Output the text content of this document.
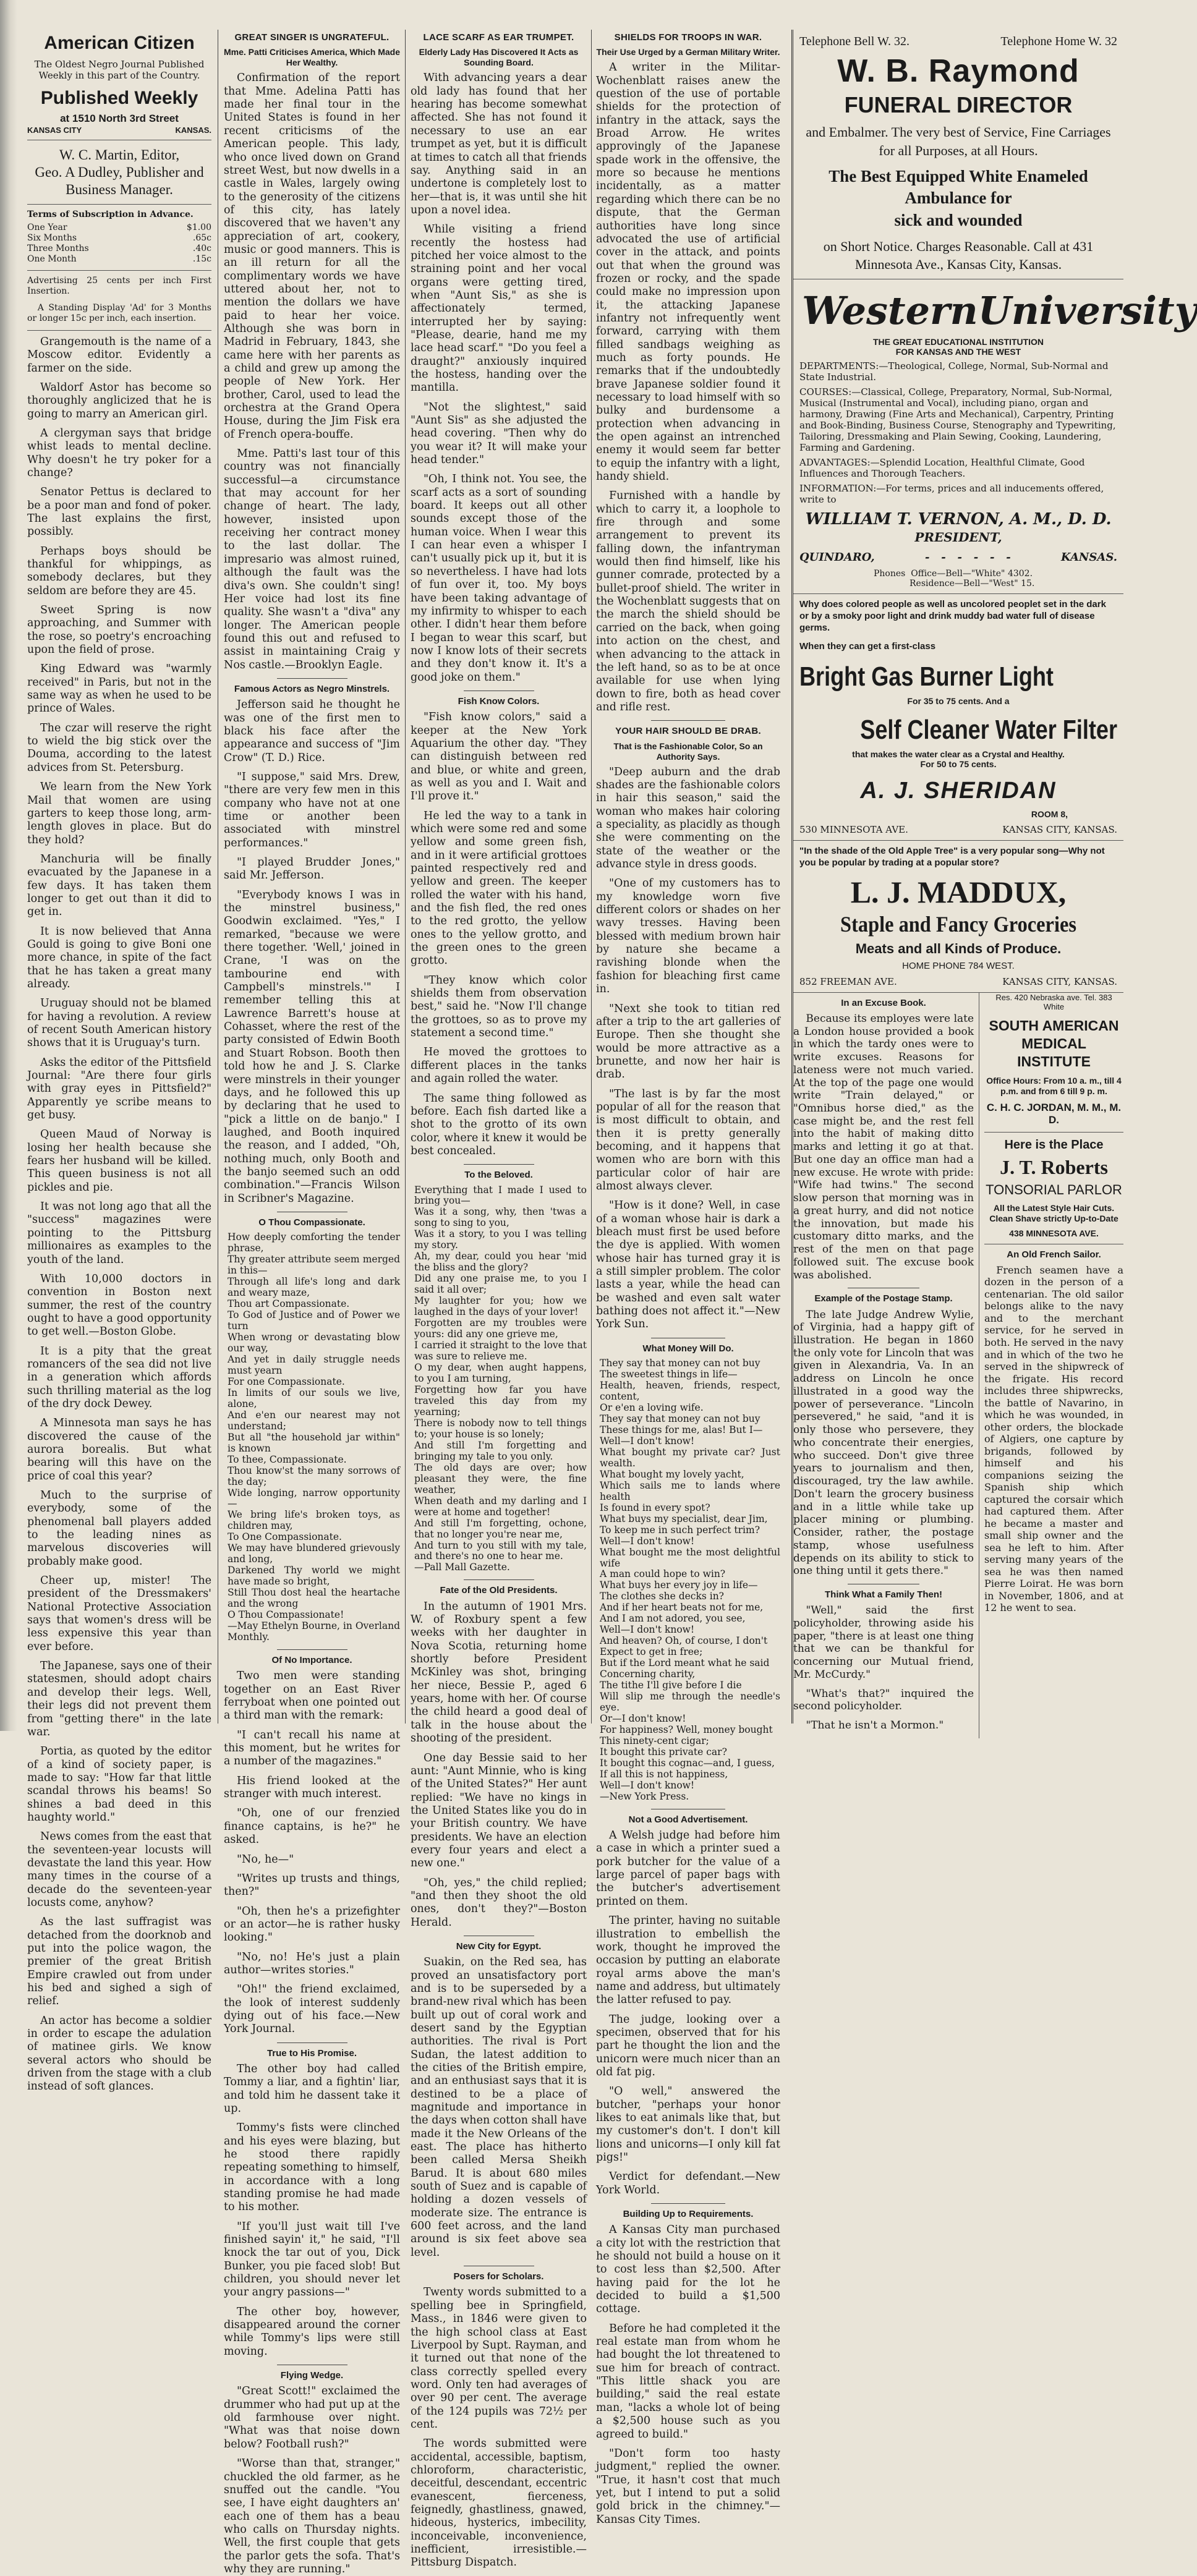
American Citizen

The Oldest Negro Journal Published

Weekly in this part of the Country.

Published Weekly
at 1510 North 3rd Street
KANSAS CITY	KANSAS.
W. C. Martin, Editor,
Geo. A Dudley, Publisher and
Business Manager.

Terms of Subscription in Advance.

One Year	$1.00
Six Months	.65c
Three Months	.40c
One Month	.15c

Advertising 25 cents per inch First Insertion.

A Standing Display 'Ad' for 3 Months or longer 15c per inch, each insertion.

Grangemouth is the name of a Moscow editor. Evidently a farmer on the side.

Waldorf Astor has become so thoroughly anglicized that he is going to marry an American girl.

A clergyman says that bridge whist leads to mental decline. Why doesn't he try poker for a change?

Senator Pettus is declared to be a poor man and fond of poker. The last explains the first, possibly.

Perhaps boys should be thankful for whippings, as somebody declares, but they seldom are before they are 45.

Sweet Spring is now approaching, and Summer with the rose, so poetry's encroaching upon the field of prose.

King Edward was "warmly received" in Paris, but not in the same way as when he used to be prince of Wales.

The czar will reserve the right to wield the big stick over the Douma, according to the latest advices from St. Petersburg.

We learn from the New York Mail that women are using garters to keep those long, arm-length gloves in place. But do they hold?

Manchuria will be finally evacuated by the Japanese in a few days. It has taken them longer to get out than it did to get in.

It is now believed that Anna Gould is going to give Boni one more chance, in spite of the fact that he has taken a great many already.

Uruguay should not be blamed for having a revolution. A review of recent South American history shows that it is Uruguay's turn.

Asks the editor of the Pittsfield Journal: "Are there four girls with gray eyes in Pittsfield?" Apparently ye scribe means to get busy.

Queen Maud of Norway is losing her health because she fears her husband will be killed. This queen business is not all pickles and pie.

It was not long ago that all the "success" magazines were pointing to the Pittsburg millionaires as examples to the youth of the land.

With 10,000 doctors in convention in Boston next summer, the rest of the country ought to have a good opportunity to get well.—Boston Globe.

It is a pity that the great romancers of the sea did not live in a generation which affords such thrilling material as the log of the dry dock Dewey.

A Minnesota man says he has discovered the cause of the aurora borealis. But what bearing will this have on the price of coal this year?

Much to the surprise of everybody, some of the phenomenal ball players added to the leading nines as marvelous discoveries will probably make good.

Cheer up, mister! The president of the Dressmakers' National Protective Association says that women's dress will be less expensive this year than ever before.

The Japanese, says one of their statesmen, should adopt chairs and develop their legs. Well, their legs did not prevent them from "getting there" in the late war.

Portia, as quoted by the editor of a kind of society paper, is made to say: "How far that little scandal throws his beams! So shines a bad deed in this haughty world."

News comes from the east that the seventeen-year locusts will devastate the land this year. How many times in the course of a decade do the seventeen-year locusts come, anyhow?

As the last suffragist was detached from the doorknob and put into the police wagon, the premier of the great British Empire crawled out from under his bed and sighed a sigh of relief.

An actor has become a soldier in order to escape the adulation of matinee girls. We know several actors who should be driven from the stage with a club instead of soft glances.

GREAT SINGER IS UNGRATEFUL.
Mme. Patti Criticises America, Which Made Her Wealthy.

Confirmation of the report that Mme. Adelina Patti has made her final tour in the United States is found in her recent criticisms of the American people. This lady, who once lived down on Grand street West, but now dwells in a castle in Wales, largely owing to the generosity of the citizens of this city, has lately discovered that we haven't any appreciation of art, cookery, music or good manners. This is an ill return for all the complimentary words we have uttered about her, not to mention the dollars we have paid to hear her voice. Although she was born in Madrid in February, 1843, she came here with her parents as a child and grew up among the people of New York. Her brother, Carol, used to lead the orchestra at the Grand Opera House, during the Jim Fisk era of French opera-bouffe.

Mme. Patti's last tour of this country was not financially successful—a circumstance that may account for her change of heart. The lady, however, insisted upon receiving her contract money to the last dollar. The impresario was almost ruined, although the fault was the diva's own. She couldn't sing! Her voice had lost its fine quality. She wasn't a "diva" any longer. The American people found this out and refused to assist in maintaining Craig y Nos castle.—Brooklyn Eagle.

Famous Actors as Negro Minstrels.

Jefferson said he thought he was one of the first men to black his face after the appearance and success of "Jim Crow" (T. D.) Rice.

"I suppose," said Mrs. Drew, "there are very few men in this company who have not at one time or another been associated with minstrel performances."

"I played Brudder Jones," said Mr. Jefferson.

"Everybody knows I was in the minstrel business," Goodwin exclaimed. "Yes," I remarked, "because we were there together. 'Well,' joined in Crane, 'I was on the tambourine end with Campbell's minstrels.'" I remember telling this at Lawrence Barrett's house at Cohasset, where the rest of the party consisted of Edwin Booth and Stuart Robson. Booth then told how he and J. S. Clarke were minstrels in their younger days, and he followed this up by declaring that he used to "pick a little on de banjo." I laughed, and Booth inquired the reason, and I added, "Oh, nothing much, only Booth and the banjo seemed such an odd combination."—Francis Wilson in Scribner's Magazine.

O Thou Compassionate.

How deeply comforting the tender phrase,
Thy greater attribute seem merged in this—
Through all life's long and dark and weary maze,
Thou art Compassionate.
To God of Justice and of Power we turn
When wrong or devastating blow our way,
And yet in daily struggle needs must yearn
For one Compassionate.
In limits of our souls we live, alone,
And e'en our nearest may not understand;
But all "the household jar within" is known
To thee, Compassionate.
Thou know'st the many sorrows of the day;
Wide longing, narrow opportunity—
We bring life's broken toys, as children may,
To One Compassionate.
We may have blundered grievously and long,
Darkened Thy world we might have made so bright,
Still Thou dost heal the heartache and the wrong
O Thou Compassionate!
—May Ethelyn Bourne, in Overland Monthly.

Of No Importance.

Two men were standing together on an East River ferryboat when one pointed out a third man with the remark:

"I can't recall his name at this moment, but he writes for a number of the magazines."

His friend looked at the stranger with much interest.

"Oh, one of our frenzied finance captains, is he?" he asked.

"No, he—"

"Writes up trusts and things, then?"

"Oh, then he's a prizefighter or an actor—he is rather husky looking."

"No, no! He's just a plain author—writes stories."

"Oh!" the friend exclaimed, the look of interest suddenly dying out of his face.—New York Journal.

True to His Promise.

The other boy had called Tommy a liar, and a fightin' liar, and told him he dassent take it up.

Tommy's fists were clinched and his eyes were blazing, but he stood there rapidly repeating something to himself, in accordance with a long standing promise he had made to his mother.

"If you'll just wait till I've finished sayin' it," he said, "I'll knock the tar out of you, Dick Bunker, you pie faced slob! But children, you should never let your angry passions—"

The other boy, however, disappeared around the corner while Tommy's lips were still moving.

Flying Wedge.

"Great Scott!" exclaimed the drummer who had put up at the old farmhouse over night. "What was that noise down below? Football rush?"

"Worse than that, stranger," chuckled the old farmer, as he snuffed out the candle. "You see, I have eight daughters an' each one of them has a beau who calls on Thursday nights. Well, the first couple that gets the parlor gets the sofa. That's why they are running."

LACE SCARF AS EAR TRUMPET.
Elderly Lady Has Discovered It Acts as Sounding Board.

With advancing years a dear old lady has found that her hearing has become somewhat affected. She has not found it necessary to use an ear trumpet as yet, but it is difficult at times to catch all that friends say. Anything said in an undertone is completely lost to her—that is, it was until she hit upon a novel idea.

While visiting a friend recently the hostess had pitched her voice almost to the straining point and her vocal organs were getting tired, when "Aunt Sis," as she is affectionately termed, interrupted her by saying: "Please, dearie, hand me my lace head scarf." "Do you feel a draught?" anxiously inquired the hostess, handing over the mantilla.

"Not the slightest," said "Aunt Sis" as she adjusted the head covering. "Then why do you wear it? It will make your head tender."

"Oh, I think not. You see, the scarf acts as a sort of sounding board. It keeps out all other sounds except those of the human voice. When I wear this I can hear even a whisper I can't usually pick up it, but it is so nevertheless. I have had lots of fun over it, too. My boys have been taking advantage of my infirmity to whisper to each other. I didn't hear them before I began to wear this scarf, but now I know lots of their secrets and they don't know it. It's a good joke on them."

Fish Know Colors.

"Fish know colors," said a keeper at the New York Aquarium the other day. "They can distinguish between red and blue, or white and green, as well as you and I. Wait and I'll prove it."

He led the way to a tank in which were some red and some yellow and some green fish, and in it were artificial grottoes painted respectively red and yellow and green. The keeper rolled the water with his hand, and the fish fled, the red ones to the red grotto, the yellow ones to the yellow grotto, and the green ones to the green grotto.

"They know which color shields them from observation best," said he. "Now I'll change the grottoes, so as to prove my statement a second time."

He moved the grottoes to different places in the tanks and again rolled the water.

The same thing followed as before. Each fish darted like a shot to the grotto of its own color, where it knew it would be best concealed.

To the Beloved.

Everything that I made I used to bring you—
Was it a song, why, then 'twas a song to sing to you,
Was it a story, to you I was telling my story.
Ah, my dear, could you hear 'mid the bliss and the glory?
Did any one praise me, to you I said it all over;
My laughter for you; how we laughed in the days of your lover!
Forgotten are my troubles were yours: did any one grieve me,
I carried it straight to the love that was sure to relieve me.
O my dear, when aught happens, to you I am turning,
Forgetting how far you have traveled this day from my yearning;
There is nobody now to tell things to; your house is so lonely;
And still I'm forgetting and bringing my tale to you only.
The old days are over; how pleasant they were, the fine weather,
When death and my darling and I were at home and together!
And still I'm forgetting, ochone, that no longer you're near me,
And turn to you still with my tale, and there's no one to hear me.
—Pall Mall Gazette.

Fate of the Old Presidents.

In the autumn of 1901 Mrs. W. of Roxbury spent a few weeks with her daughter in Nova Scotia, returning home shortly before President McKinley was shot, bringing her niece, Bessie P., aged 6 years, home with her. Of course the child heard a good deal of talk in the house about the shooting of the president.

One day Bessie said to her aunt: "Aunt Minnie, who is king of the United States?" Her aunt replied: "We have no kings in the United States like you do in your British country. We have presidents. We have an election every four years and elect a new one."

"Oh, yes," the child replied; "and then they shoot the old ones, don't they?"—Boston Herald.

New City for Egypt.

Suakin, on the Red sea, has proved an unsatisfactory port and is to be superseded by a brand-new rival which has been built up out of coral work and desert sand by the Egyptian authorities. The rival is Port Sudan, the latest addition to the cities of the British empire, and an enthusiast says that it is destined to be a place of magnitude and importance in the days when cotton shall have made it the New Orleans of the east. The place has hitherto been called Mersa Sheikh Barud. It is about 680 miles south of Suez and is capable of holding a dozen vessels of moderate size. The entrance is 600 feet across, and the land around is six feet above sea level.

Posers for Scholars.

Twenty words submitted to a spelling bee in Springfield, Mass., in 1846 were given to the high school class at East Liverpool by Supt. Rayman, and it turned out that none of the class correctly spelled every word. Only ten had averages of over 90 per cent. The average of the 124 pupils was 72½ per cent.

The words submitted were accidental, accessible, baptism, chloroform, characteristic, deceitful, descendant, eccentric evanescent, fierceness, feignedly, ghastliness, gnawed, hideous, hysterics, imbecility, inconceivable, inconvenience, inefficient, irresistible.—Pittsburg Dispatch.

SHIELDS FOR TROOPS IN WAR.
Their Use Urged by a German Military Writer.

A writer in the Militar-Wochenblatt raises anew the question of the use of portable shields for the protection of infantry in the attack, says the Broad Arrow. He writes approvingly of the Japanese spade work in the offensive, the more so because he mentions incidentally, as a matter regarding which there can be no dispute, that the German authorities have long since advocated the use of artificial cover in the attack, and points out that when the ground was frozen or rocky, and the spade could make no impression upon it, the attacking Japanese infantry not infrequently went forward, carrying with them filled sandbags weighing as much as forty pounds. He remarks that if the undoubtedly brave Japanese soldier found it necessary to load himself with so bulky and burdensome a protection when advancing in the open against an intrenched enemy it would seem far better to equip the infantry with a light, handy shield.

Furnished with a handle by which to carry it, a loophole to fire through and some arrangement to prevent its falling down, the infantryman would then find himself, like his gunner comrade, protected by a bullet-proof shield. The writer in the Wochenblatt suggests that on the march the shield should be carried on the back, when going into action on the chest, and when advancing to the attack in the left hand, so as to be at once available for use when lying down to fire, both as head cover and rifle rest.

YOUR HAIR SHOULD BE DRAB.
That is the Fashionable Color, So an Authority Says.

"Deep auburn and the drab shades are the fashionable colors in hair this season," said the woman who makes hair coloring a speciality, as placidly as though she were commenting on the state of the weather or the advance style in dress goods.

"One of my customers has to my knowledge worn five different colors or shades on her wavy tresses. Having been blessed with medium brown hair by nature she became a ravishing blonde when the fashion for bleaching first came in.

"Next she took to titian red after a trip to the art galleries of Europe. Then she thought she would be more attractive as a brunette, and now her hair is drab.

"The last is by far the most popular of all for the reason that is most difficult to obtain, and then it is pretty generally becoming, and it happens that women who are born with this particular color of hair are almost always clever.

"How is it done? Well, in case of a woman whose hair is dark a bleach must first be used before the dye is applied. With women whose hair has turned gray it is a still simpler problem. The color lasts a year, while the head can be washed and even salt water bathing does not affect it."—New York Sun.

What Money Will Do.

They say that money can not buy
The sweetest things in life—
Health, heaven, friends, respect, content,
Or e'en a loving wife.
They say that money can not buy
These things for me, alas! But I—
Well—I don't know!
What bought my private car? Just wealth.
What bought my lovely yacht,
Which sails me to lands where health
Is found in every spot?
What buys my specialist, dear Jim,
To keep me in such perfect trim?
Well—I don't know!
What bought me the most delightful wife
A man could hope to win?
What buys her every joy in life—
The clothes she decks in?
And if her heart beats not for me,
And I am not adored, you see,
Well—I don't know!
And heaven? Oh, of course, I don't
Expect to get in free;
But if the Lord meant what he said
Concerning charity,
The tithe I'll give before I die
Will slip me through the needle's eye.
Or—I don't know!
For happiness? Well, money bought
This ninety-cent cigar;
It bought this private car?
It bought this cognac—and, I guess,
If all this is not happiness,
Well—I don't know!
—New York Press.

Not a Good Advertisement.

A Welsh judge had before him a case in which a printer sued a pork butcher for the value of a large parcel of paper bags with the butcher's advertisement printed on them.

The printer, having no suitable illustration to embellish the work, thought he improved the occasion by putting an elaborate royal arms above the man's name and address, but ultimately the latter refused to pay.

The judge, looking over a specimen, observed that for his part he thought the lion and the unicorn were much nicer than an old fat pig.

"O well," answered the butcher, "perhaps your honor likes to eat animals like that, but my customer's don't. I don't kill lions and unicorns—I only kill fat pigs!"

Verdict for defendant.—New York World.

Building Up to Requirements.

A Kansas City man purchased a city lot with the restriction that he should not build a house on it to cost less than $2,500. After having paid for the lot he decided to build a $1,500 cottage.

Before he had completed it the real estate man from whom he had bought the lot threatened to sue him for breach of contract. "This little shack you are building," said the real estate man, "lacks a whole lot of being a $2,500 house such as you agreed to build."

"Don't form too hasty judgment," replied the owner. "True, it hasn't cost that much yet, but I intend to put a solid gold brick in the chimney."—Kansas City Times.

Telephone Bell W. 32.	Telephone Home W. 32
W. B. Raymond
FUNERAL DIRECTOR
and Embalmer. The very best of Service, Fine Carriages
for all Purposes, at all Hours.
The Best Equipped White Enameled Ambulance for
sick and wounded
on Short Notice. Charges Reasonable. Call at 431 Minnesota Ave., Kansas City, Kansas.
Western University
THE GREAT EDUCATIONAL INSTITUTION
FOR KANSAS AND THE WEST

DEPARTMENTS:—Theological, College, Normal, Sub-Normal and State Industrial.

COURSES:—Classical, College, Preparatory, Normal, Sub-Normal, Musical (Instrumental and Vocal), including piano, organ and harmony, Drawing (Fine Arts and Mechanical), Carpentry, Printing and Book-Binding, Business Course, Stenography and Typewriting, Tailoring, Dressmaking and Plain Sewing, Cooking, Laundering, Farming and Gardening.

ADVANTAGES:—Splendid Location, Healthful Climate, Good Influences and Thorough Teachers.

INFORMATION:—For terms, prices and all inducements offered, write to

WILLIAM T. VERNON, A. M., D. D.
PRESIDENT,
QUINDARO,	-   -   -   -   -   -	KANSAS.
Phones Office—Bell—"White" 4302.
Residence—Bell—"West" 15.
Why does colored people as well as uncolored peoplet set in the dark or by a smoky poor light and drink muddy bad water full of disease germs.
When they can get a first-class
Bright Gas Burner Light
For 35 to 75 cents. And a
Self Cleaner Water Filter
that makes the water clear as a Crystal and Healthy.
For 50 to 75 cents.
A. J. SHERIDAN
ROOM 8,
530 MINNESOTA AVE.	KANSAS CITY, KANSAS.
"In the shade of the Old Apple Tree" is a very popular song—Why not you be popular by trading at a popular store?
L. J. MADDUX,
Staple and Fancy Groceries
Meats and all Kinds of Produce.
HOME PHONE 784 WEST.
852 FREEMAN AVE.	KANSAS CITY, KANSAS.
In an Excuse Book.

Because its employes were late a London house provided a book in which the tardy ones were to write excuses. Reasons for lateness were not much varied. At the top of the page one would write "Train delayed," or "Omnibus horse died," as the case might be, and the rest fell into the habit of making ditto marks and letting it go at that. But one day an office man had a new excuse. He wrote with pride: "Wife had twins." The second slow person that morning was in a great hurry, and did not notice the innovation, but made his customary ditto marks, and the rest of the men on that page followed suit. The excuse book was abolished.

Example of the Postage Stamp.

The late Judge Andrew Wylie, of Virginia, had a happy gift of illustration. He began in 1860 the only vote for Lincoln that was given in Alexandria, Va. In an address on Lincoln he once illustrated in a good way the power of perseverance. "Lincoln persevered," he said, "and it is only those who persevere, they who concentrate their energies, who succeed. Don't give three years to journalism and then, discouraged, try the law awhile. Don't learn the grocery business and in a little while take up placer mining or plumbing. Consider, rather, the postage stamp, whose usefulness depends on its ability to stick to one thing until it gets there."

Think What a Family Then!

"Well," said the first policyholder, throwing aside his paper, "there is at least one thing that we can be thankful for concerning our Mutual friend, Mr. McCurdy."

"What's that?" inquired the second policyholder.

"That he isn't a Mormon."

Res. 420 Nebraska ave. Tel. 383 White
SOUTH AMERICAN MEDICAL INSTITUTE
Office Hours: From 10 a. m., till 4 p.m. and from 6 till 9 p. m.
C. H. C. JORDAN, M. M., M. D.
Here is the Place
J. T. Roberts
TONSORIAL PARLOR
All the Latest Style Hair Cuts. Clean Shave strictly Up-to-Date
438 MINNESOTA AVE.
An Old French Sailor.

French seamen have a dozen in the person of a centenarian. The old sailor belongs alike to the navy and to the merchant service, for he served in both. He served in the navy and in which of the two he served in the shipwreck of the frigate. His record includes three shipwrecks, the battle of Navarino, in which he was wounded, in other orders, the blockade of Algiers, one capture by brigands, followed by himself and his companions seizing the Spanish ship which captured the corsair which had captured them. After he became a master and small ship owner and the sea he left to him. After serving many years of the sea he was then named Pierre Loirat. He was born in November, 1806, and at 12 he went to sea.
